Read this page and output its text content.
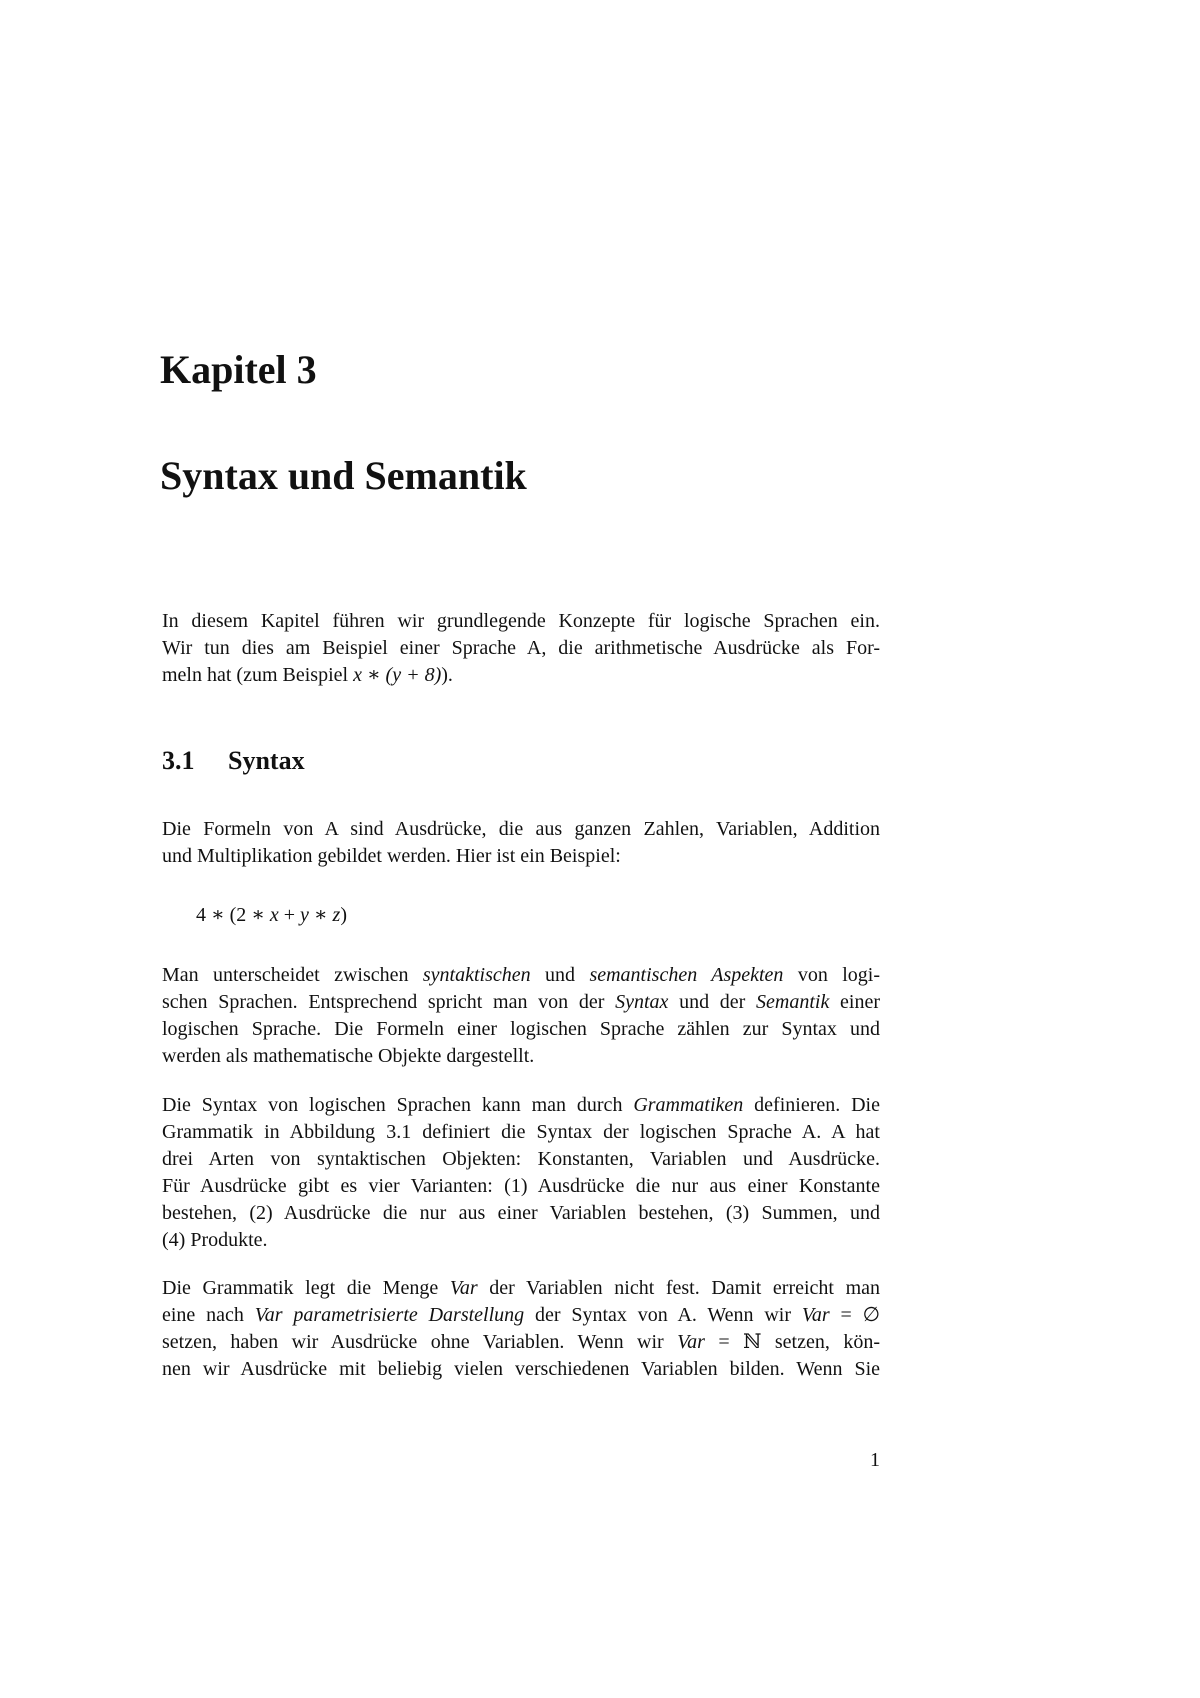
Kapitel 3
Syntax und Semantik

In diesem Kapitel führen wir grundlegende Konzepte für logische Sprachen ein.
Wir tun dies am Beispiel einer Sprache A, die arithmetische Ausdrücke als For-
meln hat (zum Beispiel x ∗ (y + 8)).

3.1 Syntax

Die Formeln von A sind Ausdrücke, die aus ganzen Zahlen, Variablen, Addition
und Multiplikation gebildet werden. Hier ist ein Beispiel:

4 ∗ (2 ∗ x + y ∗ z)

Man unterscheidet zwischen syntaktischen und semantischen Aspekten von logi-
schen Sprachen. Entsprechend spricht man von der Syntax und der Semantik einer
logischen Sprache. Die Formeln einer logischen Sprache zählen zur Syntax und
werden als mathematische Objekte dargestellt.

Die Syntax von logischen Sprachen kann man durch Grammatiken definieren. Die
Grammatik in Abbildung 3.1 definiert die Syntax der logischen Sprache A. A hat
drei Arten von syntaktischen Objekten: Konstanten, Variablen und Ausdrücke.
Für Ausdrücke gibt es vier Varianten: (1) Ausdrücke die nur aus einer Konstante
bestehen, (2) Ausdrücke die nur aus einer Variablen bestehen, (3) Summen, und
(4) Produkte.

Die Grammatik legt die Menge Var der Variablen nicht fest. Damit erreicht man
eine nach Var parametrisierte Darstellung der Syntax von A. Wenn wir Var = ∅
setzen, haben wir Ausdrücke ohne Variablen. Wenn wir Var = ℕ setzen, kön-
nen wir Ausdrücke mit beliebig vielen verschiedenen Variablen bilden. Wenn Sie

1
